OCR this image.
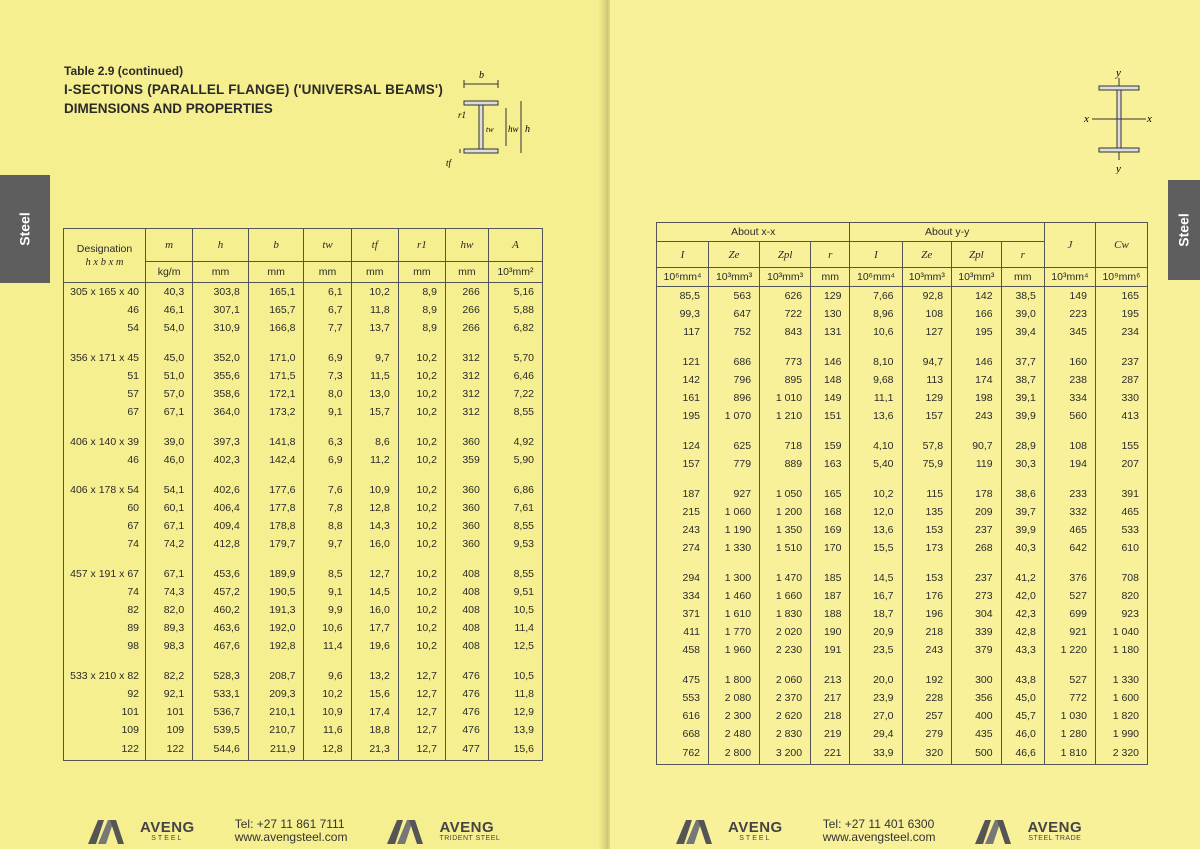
Table 2.9 (continued)
I-SECTIONS (PARALLEL FLANGE) ('UNIVERSAL BEAMS')
DIMENSIONS AND PROPERTIES
Steel
b
r1
tw hw h
tf
Designation
h x b x m	m	h	b	tw	tf	r1	hw	A
	kg/m	mm	mm	mm	mm	mm	mm	10³mm²
305 x 165 x 40	40,3	303,8	165,1	6,1	10,2	8,9	266	5,16
46	46,1	307,1	165,7	6,7	11,8	8,9	266	5,88
54	54,0	310,9	166,8	7,7	13,7	8,9	266	6,82

356 x 171 x 45	45,0	352,0	171,0	6,9	9,7	10,2	312	5,70
51	51,0	355,6	171,5	7,3	11,5	10,2	312	6,46
57	57,0	358,6	172,1	8,0	13,0	10,2	312	7,22
67	67,1	364,0	173,2	9,1	15,7	10,2	312	8,55

406 x 140 x 39	39,0	397,3	141,8	6,3	8,6	10,2	360	4,92
46	46,0	402,3	142,4	6,9	11,2	10,2	359	5,90

406 x 178 x 54	54,1	402,6	177,6	7,6	10,9	10,2	360	6,86
60	60,1	406,4	177,8	7,8	12,8	10,2	360	7,61
67	67,1	409,4	178,8	8,8	14,3	10,2	360	8,55
74	74,2	412,8	179,7	9,7	16,0	10,2	360	9,53

457 x 191 x 67	67,1	453,6	189,9	8,5	12,7	10,2	408	8,55
74	74,3	457,2	190,5	9,1	14,5	10,2	408	9,51
82	82,0	460,2	191,3	9,9	16,0	10,2	408	10,5
89	89,3	463,6	192,0	10,6	17,7	10,2	408	11,4
98	98,3	467,6	192,8	11,4	19,6	10,2	408	12,5

533 x 210 x 82	82,2	528,3	208,7	9,6	13,2	12,7	476	10,5
92	92,1	533,1	209,3	10,2	15,6	12,7	476	11,8
101	101	536,7	210,1	10,9	17,4	12,7	476	12,9
109	109	539,5	210,7	11,6	18,8	12,7	476	13,9
122	122	544,6	211,9	12,8	21,3	12,7	477	15,6
AVENG
STEEL
Tel: +27 11 861 7111
www.avengsteel.com
AVENG
TRIDENT STEEL
Steel
y
x	x
y
About x-x				About y-y				J	Cw
I	Ze	Zpl	r	I	Ze	Zpl	r		
10⁶mm⁴	10³mm³	10³mm³	mm	10⁶mm⁴	10³mm³	10³mm³	mm	10³mm⁴	10⁹mm⁶
85,5	563	626	129	7,66	92,8	142	38,5	149	165
99,3	647	722	130	8,96	108	166	39,0	223	195
117	752	843	131	10,6	127	195	39,4	345	234

121	686	773	146	8,10	94,7	146	37,7	160	237
142	796	895	148	9,68	113	174	38,7	238	287
161	896	1 010	149	11,1	129	198	39,1	334	330
195	1 070	1 210	151	13,6	157	243	39,9	560	413

124	625	718	159	4,10	57,8	90,7	28,9	108	155
157	779	889	163	5,40	75,9	119	30,3	194	207

187	927	1 050	165	10,2	115	178	38,6	233	391
215	1 060	1 200	168	12,0	135	209	39,7	332	465
243	1 190	1 350	169	13,6	153	237	39,9	465	533
274	1 330	1 510	170	15,5	173	268	40,3	642	610

294	1 300	1 470	185	14,5	153	237	41,2	376	708
334	1 460	1 660	187	16,7	176	273	42,0	527	820
371	1 610	1 830	188	18,7	196	304	42,3	699	923
411	1 770	2 020	190	20,9	218	339	42,8	921	1 040
458	1 960	2 230	191	23,5	243	379	43,3	1 220	1 180

475	1 800	2 060	213	20,0	192	300	43,8	527	1 330
553	2 080	2 370	217	23,9	228	356	45,0	772	1 600
616	2 300	2 620	218	27,0	257	400	45,7	1 030	1 820
668	2 480	2 830	219	29,4	279	435	46,0	1 280	1 990
762	2 800	3 200	221	33,9	320	500	46,6	1 810	2 320
AVENG
STEEL
Tel: +27 11 401 6300
www.avengsteel.com
AVENG
STEEL TRADE
